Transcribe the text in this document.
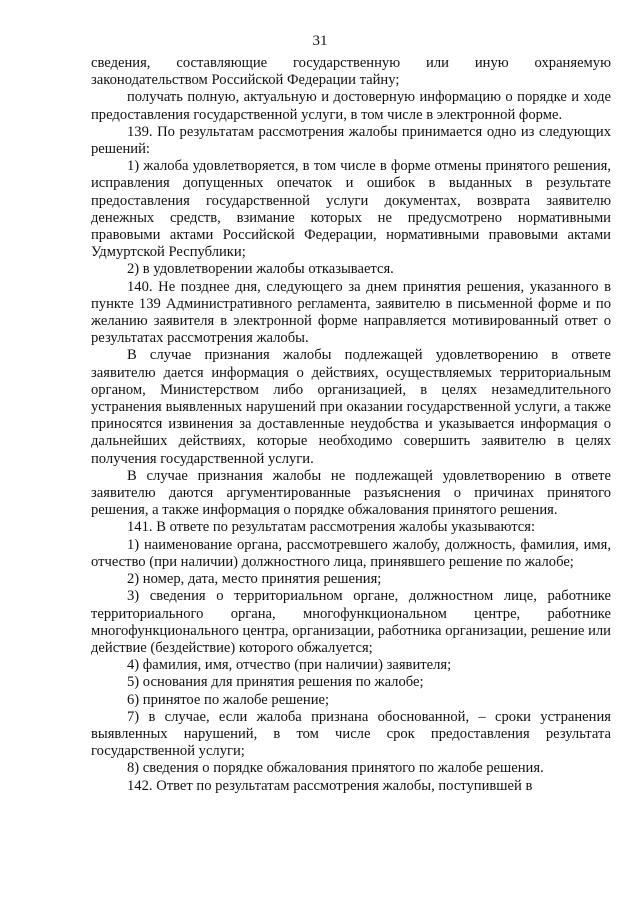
31

сведения, составляющие государственную или иную охраняемую законодательством Российской Федерации тайну;

получать полную, актуальную и достоверную информацию о порядке и ходе предоставления государственной услуги, в том числе в электронной форме.

139. По результатам рассмотрения жалобы принимается одно из следующих решений:

1) жалоба удовлетворяется, в том числе в форме отмены принятого решения, исправления допущенных опечаток и ошибок в выданных в результате предоставления государственной услуги документах, возврата заявителю денежных средств, взимание которых не предусмотрено нормативными правовыми актами Российской Федерации, нормативными правовыми актами Удмуртской Республики;

2) в удовлетворении жалобы отказывается.

140. Не позднее дня, следующего за днем принятия решения, указанного в пункте 139 Административного регламента, заявителю в письменной форме и по желанию заявителя в электронной форме направляется мотивированный ответ о результатах рассмотрения жалобы.

В случае признания жалобы подлежащей удовлетворению в ответе заявителю дается информация о действиях, осуществляемых территориальным органом, Министерством либо организацией, в целях незамедлительного устранения выявленных нарушений при оказании государственной услуги, а также приносятся извинения за доставленные неудобства и указывается информация о дальнейших действиях, которые необходимо совершить заявителю в целях получения государственной услуги.

В случае признания жалобы не подлежащей удовлетворению в ответе заявителю даются аргументированные разъяснения о причинах принятого решения, а также информация о порядке обжалования принятого решения.

141. В ответе по результатам рассмотрения жалобы указываются:

1) наименование органа, рассмотревшего жалобу, должность, фамилия, имя, отчество (при наличии) должностного лица, принявшего решение по жалобе;

2) номер, дата, место принятия решения;

3) сведения о территориальном органе, должностном лице, работнике территориального органа, многофункциональном центре, работнике многофункционального центра, организации, работника организации, решение или действие (бездействие) которого обжалуется;

4) фамилия, имя, отчество (при наличии) заявителя;

5) основания для принятия решения по жалобе;

6) принятое по жалобе решение;

7) в случае, если жалоба признана обоснованной, – сроки устранения выявленных нарушений, в том числе срок предоставления результата государственной услуги;

8) сведения о порядке обжалования принятого по жалобе решения.

142. Ответ по результатам рассмотрения жалобы, поступившей в
